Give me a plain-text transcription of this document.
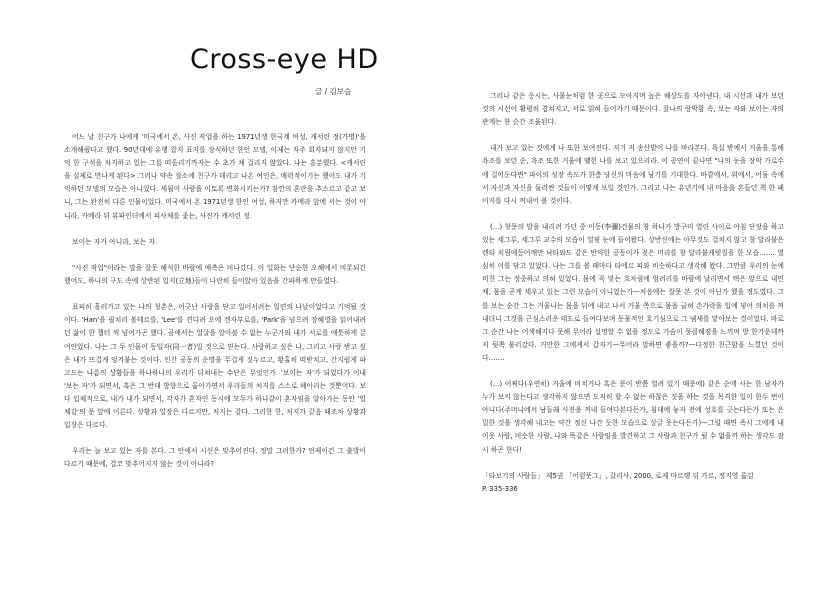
Cross-eye HD
글 / 김보슬

어느 날 친구가 나에게 '미국에서 온, 사진 작업을 하는 1971년생 한국계 여성, 캐서린 정(가명)'을 소개해줬다고 했다. 90년대에 유행 잡지 표지를 장식하던 한인 모델, 이제는 자주 회자되지 않지만 기억 한 구석을 차지하고 있는 그를 떠올리기까지는 수 초가 채 걸리지 않았다. 나는 흥분했다. <캐서린을 실제로 만나게 된다> 그러나 약속 장소에 친구가 데리고 나온 여인은, 매력적이기는 했어도 내가 기억하던 모델의 모습은 아니었다. 세월이 사람을 이토록 변화시키는가? 잠깐의 혼란을 추스르고 같고 보니, 그는 완전히 다른 인물이었다. 미국에서 온 1971년생 한인 여성, 하지만 카메라 앞에 서는 것이 아니라, 카메라 뒤 뷰파인더에서 피사체를 좇는, 사진가 캐서린 정.

보이는 자가 아니라, 보는 자.

"사진 작업"이라는 말을 잘못 해석한 바람에 예측은 비나갔다. 이 일화는 단순한 오해에서 비롯되긴 했어도, 하나의 구도 속에 상반된 입지(立地)들이 나란히 들어앉아 있음을 간파하게 만들었다.

표피히 흘러가고 있는 나의 청춘은, 어긋난 사랑을 닫고 일어서려는 일련의 나날이었다고 기억될 것이다. 'Han'을 필치러 볼테르를, 'Lee'를 견디려 오에 겐자부로를, 'Park'을 넘으려 장혜영을 읽어내려던 삶이 한 챕터 씩 넘어가곤 했다. 곰에서는 얼굴을 알아볼 수 없는 누군가와 내가 서로를 애틋하게 끌어안았다. 나는 그 두 인물이 동일자(同一者)일 것으로 믿는다. 사랑하고 싶은 나, 그리고 사랑 받고 싶은 내가 뜨겁게 엉겨붙는 것이다. 인간 공동의 운명을 무겁게 짓누르고, 황홀히 떠받치고, 간지럽게 파고드는 나름의 상황들을 하나하나의 우리가 뒤쳐내는 수단은 무엇인가. '보이는 자'가 되었다가 이내 '보는 자'가 되면서, 혹은 그 반대 방향으로 옮아가면서 우리들의 처지를 스스로 헤아리는 것뿐이다. 보다 입체적으로, 내가 내가 되면서, 각자가 혼자인 동시에 모두가 하나같이 혼자임을 알아가는 동안 '입체감'의 문 앞에 이른다. 상황과 입장은 다르지만, 처지는 같다. 그러한 한, 처지가 같음 때조차 상황과 입장은 다르다.

우리는 늘 보고 있는 자를 본다. 그 안에서 시선은 맞추어진다. 정말 그러한가? 언제이건 그 출발이 다르기 때문에, 결코 맞추어지지 않는 것이 아니라?

그러나 같은 응시는, 사물눈처럼 한 곳으로 모아지며 높은 해상도를 자아낸다. 내 시선과 내가 보던 것의 시선이 활평히 겹쳐지고, 서로 읽혀 들어가기 때문이다. 찰나의 랑박함 속, 보는 자와 보이는 자의 관계는 한 순간 조율된다.

내가 보고 있는 것에게 나 또한 보여진다. 저기 저 송산밭이 나를 바라본다. 욕실 밖에서 거울을 통해 욕조를 보던 순, 욕조 또한 거울에 맺힌 나를 보고 있으리라. 이 공연이 끝나면 "나의 눈을 장막 가로수에 걸어둔다면" 파이의 성장 속도가 한층 당신의 마음에 남기를 기대한다. 바깥에서, 위에서, 어둠 속에서 자신과 자신을 둘러싼 것들이 어떻게 보일 것인가. 그리고 나는 유년기에 내 마음을 흔들던 책 한 페이지를 다시 꺼내어 볼 것이다.

(…) 창문의 발을 내리려 가던 중 이동(李彌)건물의 창 하나가 방구미 열린 사이로 아침 단장을 하고 있는 세그루, 세그루 교수의 모습이 얼핏 눈에 들어왔다. 상반신에는 아무것도 걸치지 않고 창 달라붙은 렌티 치림에등어깨만 낙타와도 같은 반약한 공동이가 젖은 머리를 창 달라붙게빗질을 한 모습……. 열심히 이를 닦고 있었다. 나는 그를 볼 때마다 타에르 피와 비슷하다고 생각해 왔다. 그만큼 우리의 눈에 비친 그는 정중하고 의혀 있었다. 몸에 꼭 맞는 흐차림에 엄려리를 바람에 날리면서 택은 앞으로 내민 채, 몸을 곧게 세우고 있는 그런 모습이 아니었는가—처음에는 잘못 본 것이 아닌가 했을 정도였다. 그를 보는 순간 그는 거울나는 몸을 뒤에 내고 나서 거울 쪽으로 몸을 굽혀 손가락을 입에 넣어 의치를 꺼내더니 그것을 근심스러운 태도로 들여다보며 동물적인 호기심으로 그 냄새를 맡아보는 것이었다. 바로 그 순간 나는 어색해지다 못해 무어라 설명할 수 없을 정도로 가슴이 뭉클해짐을 느끼며 방 한가운데까지 뒷쪽 물러갔다. 거만한 그에게서 갑자기—무어라 말하면 좋을까?—다정한 친근함을 느꼈던 것이다…….

(…) 어쩌다(우연히) 거울에 비치거나 혹은 문이 반쯤 열려 있기 때문에) 같은 순에 사는 한 남자가 누가 보지 않는다고 생각하지 않으면 도저히 할 수 없는 하찮은 짓을 하는 것을 목격한 일이 한두 번이 아니다(주머니에서 남들래 사진을 꺼내 들여다본다든가, 침대에 놓자 전에 성호를 긋는다든가 또는 은밀한 것을 생각해 내고는 약간 정신 나간 듯한 모습으로 싱글 웃는다든가)—그럴 때면 즉시 그에게 내 이웃 사람, 비슷한 사람, 나와 똑같은 사람임을 발견하고 그 사람과 친구가 될 수 없을까 하는 생각도 잠시 하곤 한다!

「타보기의 사람들」 제5권 「어렴풋그」, 갈리사, 2000, 로제 마르탱 뒤 가르, 정지영 옮김
P. 335-336
